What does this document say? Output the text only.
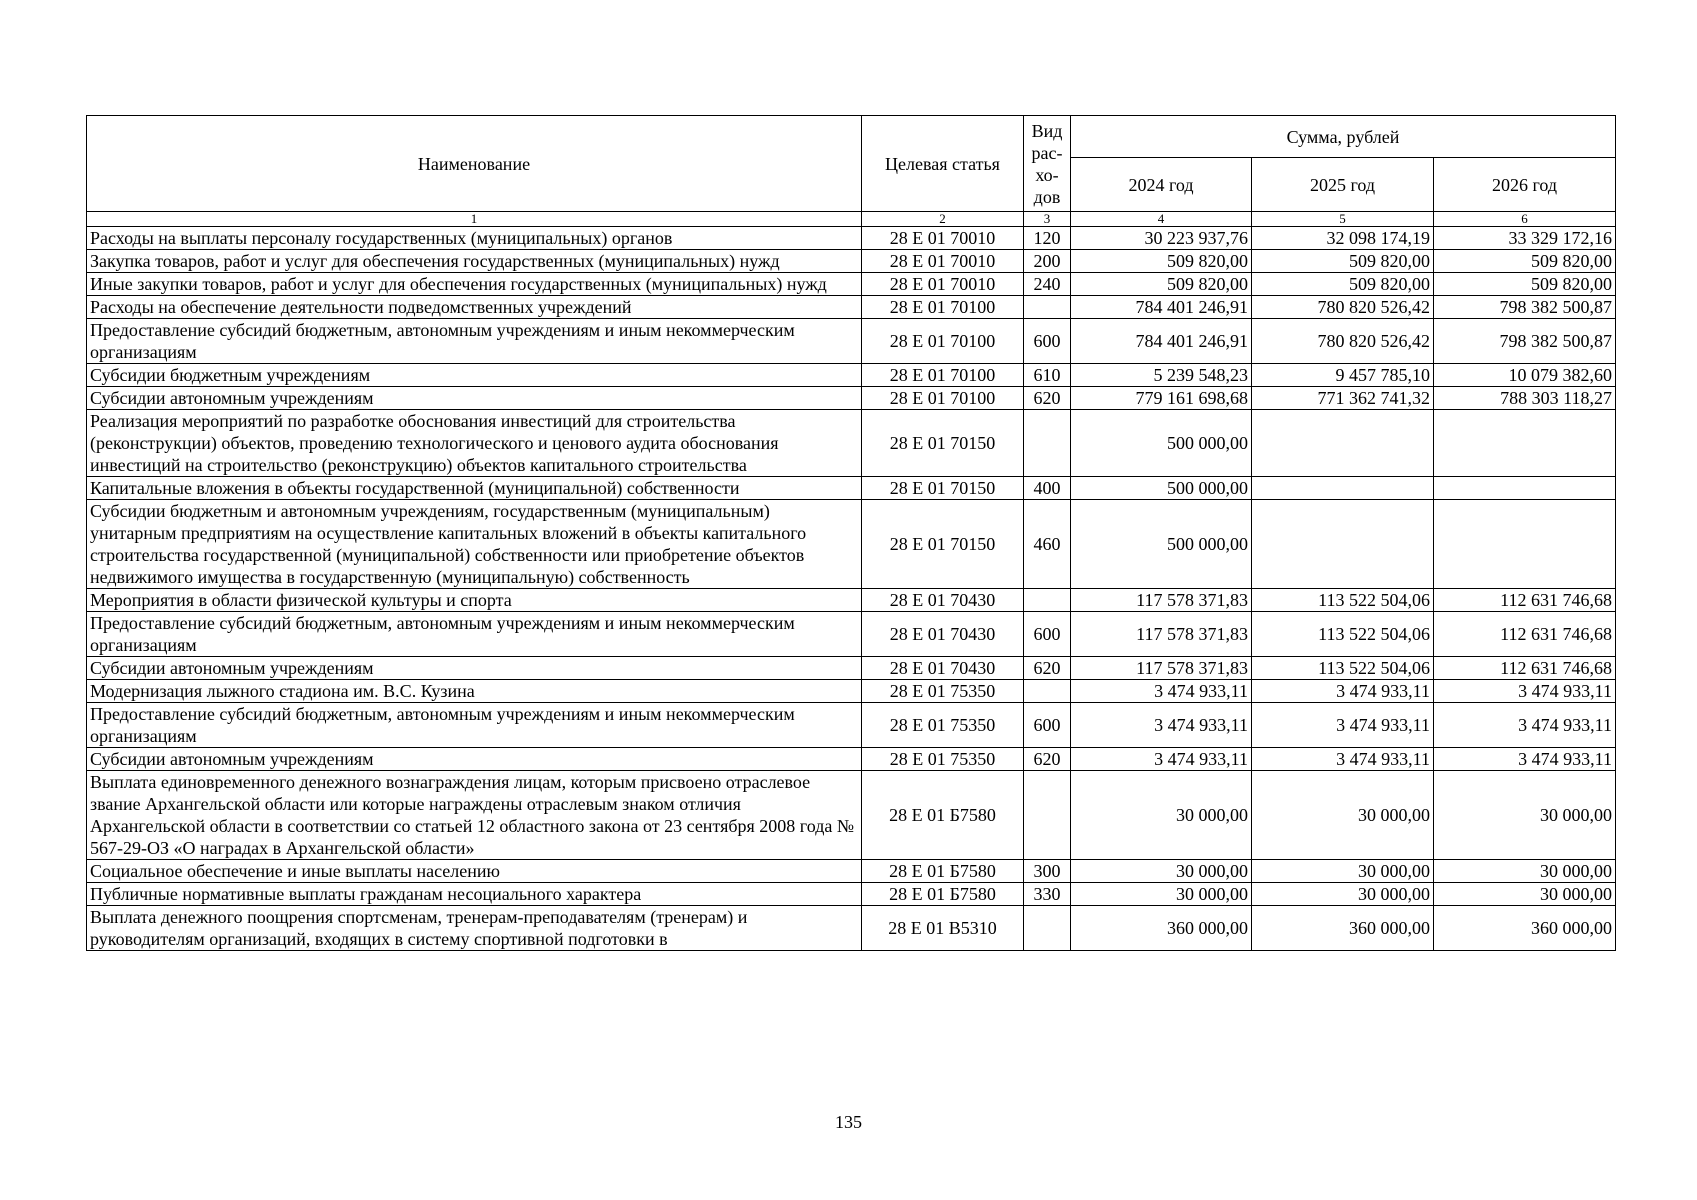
Наименование	Целевая статья	Вид
рас-
хо-
дов	Сумма, рублей		
			2024 год	2025 год	2026 год
1	2	3	4	5	6
Расходы на выплаты персоналу государственных (муниципальных) органов	28 Е 01 70010	120	30 223 937,76	32 098 174,19	33 329 172,16
Закупка товаров, работ и услуг для обеспечения государственных (муниципальных) нужд	28 Е 01 70010	200	509 820,00	509 820,00	509 820,00
Иные закупки товаров, работ и услуг для обеспечения государственных (муниципальных) нужд	28 Е 01 70010	240	509 820,00	509 820,00	509 820,00
Расходы на обеспечение деятельности подведомственных учреждений	28 Е 01 70100		784 401 246,91	780 820 526,42	798 382 500,87
Предоставление субсидий бюджетным, автономным учреждениям и иным некоммерческим организациям	28 Е 01 70100	600	784 401 246,91	780 820 526,42	798 382 500,87
Субсидии бюджетным учреждениям	28 Е 01 70100	610	5 239 548,23	9 457 785,10	10 079 382,60
Субсидии автономным учреждениям	28 Е 01 70100	620	779 161 698,68	771 362 741,32	788 303 118,27
Реализация мероприятий по разработке обоснования инвестиций для строительства (реконструкции) объектов, проведению технологического и ценового аудита обоснования инвестиций на строительство (реконструкцию) объектов капитального строительства	28 Е 01 70150		500 000,00		
Капитальные вложения в объекты государственной (муниципальной) собственности	28 Е 01 70150	400	500 000,00		
Субсидии бюджетным и автономным учреждениям, государственным (муниципальным) унитарным предприятиям на осуществление капитальных вложений в объекты капитального строительства государственной (муниципальной) собственности или приобретение объектов недвижимого имущества в государственную (муниципальную) собственность	28 Е 01 70150	460	500 000,00		
Мероприятия в области физической культуры и спорта	28 Е 01 70430		117 578 371,83	113 522 504,06	112 631 746,68
Предоставление субсидий бюджетным, автономным учреждениям и иным некоммерческим организациям	28 Е 01 70430	600	117 578 371,83	113 522 504,06	112 631 746,68
Субсидии автономным учреждениям	28 Е 01 70430	620	117 578 371,83	113 522 504,06	112 631 746,68
Модернизация лыжного стадиона им. В.С. Кузина	28 Е 01 75350		3 474 933,11	3 474 933,11	3 474 933,11
Предоставление субсидий бюджетным, автономным учреждениям и иным некоммерческим организациям	28 Е 01 75350	600	3 474 933,11	3 474 933,11	3 474 933,11
Субсидии автономным учреждениям	28 Е 01 75350	620	3 474 933,11	3 474 933,11	3 474 933,11
Выплата единовременного денежного вознаграждения лицам, которым присвоено отраслевое звание Архангельской области или которые награждены отраслевым знаком отличия Архангельской области в соответствии со статьей 12 областного закона от 23 сентября 2008 года № 567-29-ОЗ «О наградах в Архангельской области»	28 Е 01 Б7580		30 000,00	30 000,00	30 000,00
Социальное обеспечение и иные выплаты населению	28 Е 01 Б7580	300	30 000,00	30 000,00	30 000,00
Публичные нормативные выплаты гражданам несоциального характера	28 Е 01 Б7580	330	30 000,00	30 000,00	30 000,00
Выплата денежного поощрения спортсменам, тренерам-преподавателям (тренерам) и руководителям организаций, входящих в систему спортивной подготовки в	28 Е 01 В5310		360 000,00	360 000,00	360 000,00
135
